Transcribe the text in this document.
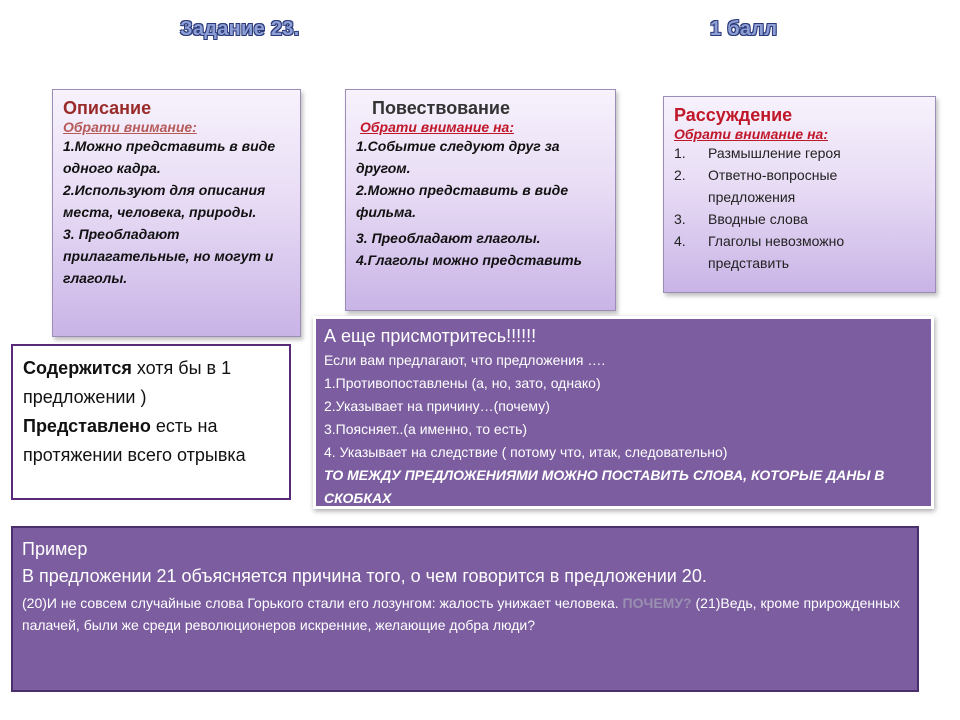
Задание 23.	1 балл
Описание
Обрати внимание:
1.Можно представить в виде одного кадра.
2.Используют для описания места, человека, природы.
3. Преобладают прилагательные, но могут и глаголы.
Повествование
Обрати внимание на:
1.Событие следуют друг за другом.
2.Можно представить в виде фильма.
3. Преобладают глаголы.
4.Глаголы можно представить
Рассуждение
Обрати внимание на:
1.	Размышление героя
2.	Ответно-вопросные предложения
3.	Вводные слова
4.	Глаголы невозможно представить
Содержится хотя бы в 1 предложении )
Представлено есть на протяжении всего отрывка
А еще присмотритесь!!!!!!
Если вам предлагают, что предложения ….
1.Противопоставлены (а, но, зато, однако)
2.Указывает на причину…(почему)
3.Поясняет..(а именно, то есть)
4. Указывает на следствие ( потому что, итак, следовательно)
ТО МЕЖДУ ПРЕДЛОЖЕНИЯМИ МОЖНО ПОСТАВИТЬ СЛОВА, КОТОРЫЕ ДАНЫ В СКОБКАХ
Пример
В предложении 21 объясняется причина того, о чем говорится в предложении 20.
(20)И не совсем случайные слова Горького стали его лозунгом: жалость унижает человека. ПОЧЕМУ? (21)Ведь, кроме прирожденных палачей, были же среди революционеров искренние, желающие добра люди?
